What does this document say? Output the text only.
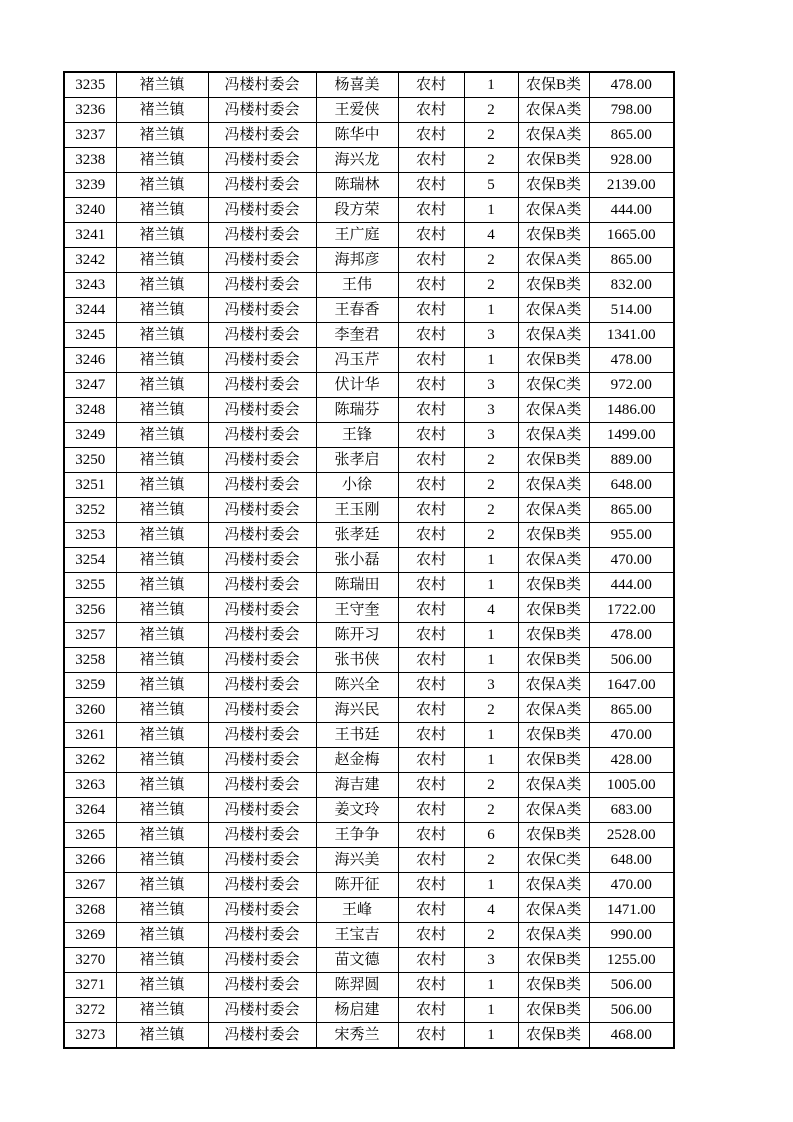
3235	褚兰镇	冯楼村委会	杨喜美	农村	1	农保B类	478.00
3236	褚兰镇	冯楼村委会	王爱侠	农村	2	农保A类	798.00
3237	褚兰镇	冯楼村委会	陈华中	农村	2	农保A类	865.00
3238	褚兰镇	冯楼村委会	海兴龙	农村	2	农保B类	928.00
3239	褚兰镇	冯楼村委会	陈瑞林	农村	5	农保B类	2139.00
3240	褚兰镇	冯楼村委会	段方荣	农村	1	农保A类	444.00
3241	褚兰镇	冯楼村委会	王广庭	农村	4	农保B类	1665.00
3242	褚兰镇	冯楼村委会	海邦彦	农村	2	农保A类	865.00
3243	褚兰镇	冯楼村委会	王伟	农村	2	农保B类	832.00
3244	褚兰镇	冯楼村委会	王春香	农村	1	农保A类	514.00
3245	褚兰镇	冯楼村委会	李奎君	农村	3	农保A类	1341.00
3246	褚兰镇	冯楼村委会	冯玉芹	农村	1	农保B类	478.00
3247	褚兰镇	冯楼村委会	伏计华	农村	3	农保C类	972.00
3248	褚兰镇	冯楼村委会	陈瑞芬	农村	3	农保A类	1486.00
3249	褚兰镇	冯楼村委会	王锋	农村	3	农保A类	1499.00
3250	褚兰镇	冯楼村委会	张孝启	农村	2	农保B类	889.00
3251	褚兰镇	冯楼村委会	小徐	农村	2	农保A类	648.00
3252	褚兰镇	冯楼村委会	王玉刚	农村	2	农保A类	865.00
3253	褚兰镇	冯楼村委会	张孝廷	农村	2	农保B类	955.00
3254	褚兰镇	冯楼村委会	张小磊	农村	1	农保A类	470.00
3255	褚兰镇	冯楼村委会	陈瑞田	农村	1	农保B类	444.00
3256	褚兰镇	冯楼村委会	王守奎	农村	4	农保B类	1722.00
3257	褚兰镇	冯楼村委会	陈开习	农村	1	农保B类	478.00
3258	褚兰镇	冯楼村委会	张书侠	农村	1	农保B类	506.00
3259	褚兰镇	冯楼村委会	陈兴全	农村	3	农保A类	1647.00
3260	褚兰镇	冯楼村委会	海兴民	农村	2	农保A类	865.00
3261	褚兰镇	冯楼村委会	王书廷	农村	1	农保B类	470.00
3262	褚兰镇	冯楼村委会	赵金梅	农村	1	农保B类	428.00
3263	褚兰镇	冯楼村委会	海吉建	农村	2	农保A类	1005.00
3264	褚兰镇	冯楼村委会	姜文玲	农村	2	农保A类	683.00
3265	褚兰镇	冯楼村委会	王争争	农村	6	农保B类	2528.00
3266	褚兰镇	冯楼村委会	海兴美	农村	2	农保C类	648.00
3267	褚兰镇	冯楼村委会	陈开征	农村	1	农保A类	470.00
3268	褚兰镇	冯楼村委会	王峰	农村	4	农保A类	1471.00
3269	褚兰镇	冯楼村委会	王宝吉	农村	2	农保A类	990.00
3270	褚兰镇	冯楼村委会	苗文德	农村	3	农保B类	1255.00
3271	褚兰镇	冯楼村委会	陈羿圆	农村	1	农保B类	506.00
3272	褚兰镇	冯楼村委会	杨启建	农村	1	农保B类	506.00
3273	褚兰镇	冯楼村委会	宋秀兰	农村	1	农保B类	468.00
